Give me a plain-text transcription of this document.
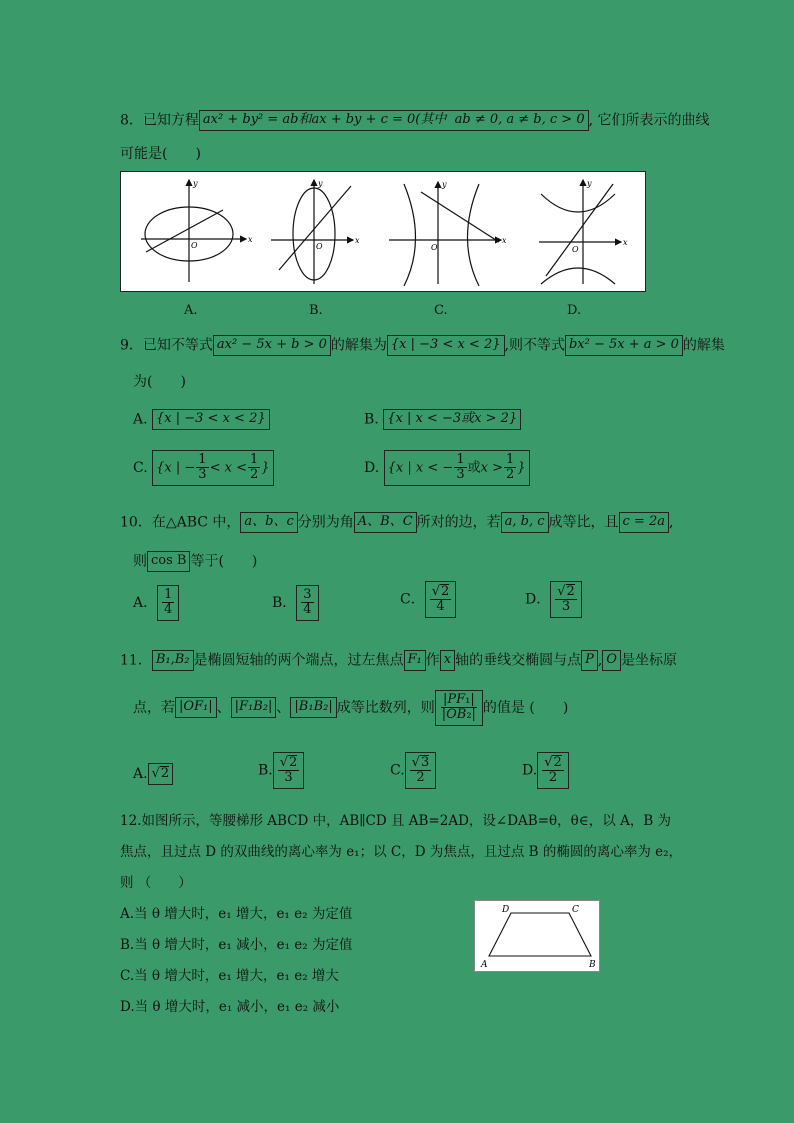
8．已知方程 ax² + by² = ab和ax + by + c = 0(其中 ab ≠ 0, a ≠ b, c > 0 , 它们所表示的曲线
可能是(　　)
x
y
O
x
y
O
x
y
O
x
y
O
A.	B.	C.	D.
9．已知不等式 ax² − 5x + b > 0 的解集为 {x | −3 < x < 2} ,则不等式 bx² − 5x + a > 0 的解集
为(　　)
A. {x | −3 < x < 2}	B. {x | x < −3或x > 2}
C. {x | − $\frac{1}{3} < x < \frac{1}{2}$ }	D. {x | x < − $\frac{1}{3}$ 或$x > \frac{1}{2}$ }
10．在△ABC 中， a、b、c 分别为角 A、B、C 所对的边，若 a, b, c 成等比，且 c = 2a ,
则 cos B 等于(　　)
A． $\frac{1}{4}$	B． $\frac{3}{4}$	C． $\frac{√2}{4}$	D． $\frac{√2}{3}$
11． B₁,B₂ 是椭圆短轴的两个端点，过左焦点 F₁ 作 x 轴的垂线交椭圆与点 P , O 是坐标原
点，若 |OF₁| 、 |F₁B₂| 、 |B₁B₂| 成等比数列，则 $\frac{\text{|PF₁|}}{\text{|OB₂|}}$ 的值是 (　　)
A. √2	B. $\frac{√2}{3}$	C. $\frac{√3}{2}$	D. $\frac{√2}{2}$
12.如图所示，等腰梯形 ABCD 中，AB∥CD 且 AB=2AD，设∠DAB=θ，θ∈，以 A，B 为
焦点，且过点 D 的双曲线的离心率为 e₁；以 C，D 为焦点，且过点 B 的椭圆的离心率为 e₂，
则 （　　）
A.当 θ 增大时，e₁ 增大，e₁ e₂ 为定值
B.当 θ 增大时，e₁ 减小，e₁ e₂ 为定值
C.当 θ 增大时，e₁ 增大，e₁ e₂ 增大
D.当 θ 增大时，e₁ 减小，e₁ e₂ 减小
A	B
C
D
